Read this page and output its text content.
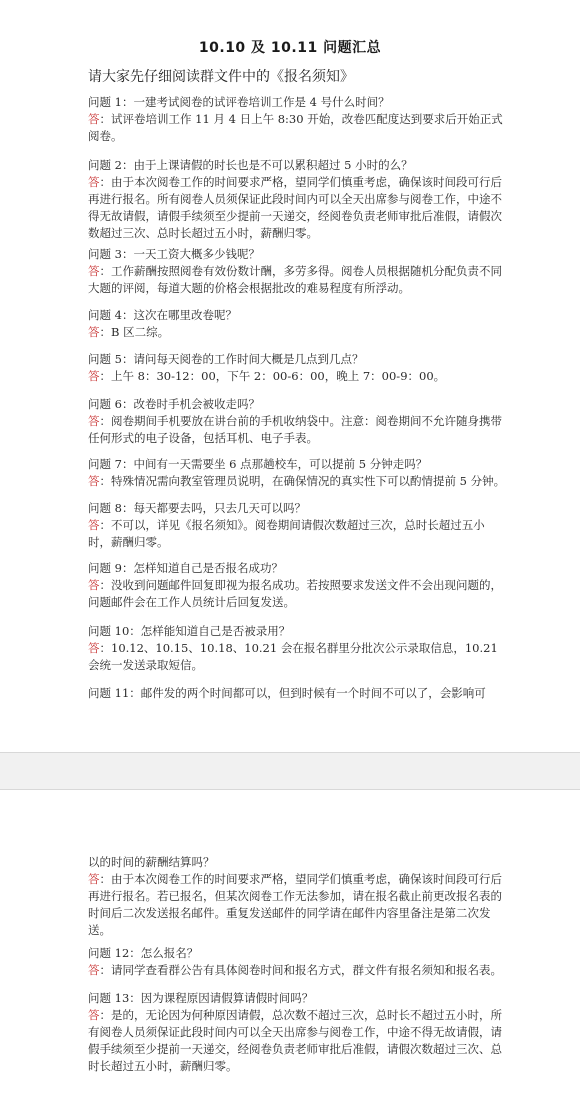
10.10 及 10.11 问题汇总
请大家先仔细阅读群文件中的《报名须知》
问题 1：一建考试阅卷的试评卷培训工作是 4 号什么时间？
答：试评卷培训工作 11 月 4 日上午 8:30 开始，改卷匹配度达到要求后开始正式阅卷。
问题 2：由于上课请假的时长也是不可以累积超过 5 小时的么？
答：由于本次阅卷工作的时间要求严格，望同学们慎重考虑，确保该时间段可行后再进行报名。所有阅卷人员须保证此段时间内可以全天出席参与阅卷工作，中途不得无故请假，请假手续须至少提前一天递交，经阅卷负责老师审批后准假，请假次数超过三次、总时长超过五小时，薪酬归零。
问题 3：一天工资大概多少钱呢？
答：工作薪酬按照阅卷有效份数计酬，多劳多得。阅卷人员根据随机分配负责不同大题的评阅，每道大题的价格会根据批改的难易程度有所浮动。
问题 4：这次在哪里改卷呢？
答：B 区二综。
问题 5：请问每天阅卷的工作时间大概是几点到几点？
答：上午 8：30-12：00，下午 2：00-6：00，晚上 7：00-9：00。
问题 6：改卷时手机会被收走吗？
答：阅卷期间手机要放在讲台前的手机收纳袋中。注意：阅卷期间不允许随身携带任何形式的电子设备，包括耳机、电子手表。
问题 7：中间有一天需要坐 6 点那趟校车，可以提前 5 分钟走吗？
答：特殊情况需向教室管理员说明，在确保情况的真实性下可以酌情提前 5 分钟。
问题 8：每天都要去吗，只去几天可以吗？
答：不可以，详见《报名须知》。阅卷期间请假次数超过三次，总时长超过五小时，薪酬归零。
问题 9：怎样知道自己是否报名成功？
答：没收到问题邮件回复即视为报名成功。若按照要求发送文件不会出现问题的，问题邮件会在工作人员统计后回复发送。
问题 10：怎样能知道自己是否被录用？
答：10.12、10.15、10.18、10.21 会在报名群里分批次公示录取信息，10.21 会统一发送录取短信。
问题 11：邮件发的两个时间都可以，但到时候有一个时间不可以了，会影响可
以的时间的薪酬结算吗？
答：由于本次阅卷工作的时间要求严格，望同学们慎重考虑，确保该时间段可行后再进行报名。若已报名，但某次阅卷工作无法参加，请在报名截止前更改报名表的时间后二次发送报名邮件。重复发送邮件的同学请在邮件内容里备注是第二次发送。
问题 12：怎么报名？
答：请同学查看群公告有具体阅卷时间和报名方式，群文件有报名须知和报名表。
问题 13：因为课程原因请假算请假时间吗？
答：是的，无论因为何种原因请假，总次数不超过三次，总时长不超过五小时，所有阅卷人员须保证此段时间内可以全天出席参与阅卷工作，中途不得无故请假，请假手续须至少提前一天递交，经阅卷负责老师审批后准假，请假次数超过三次、总时长超过五小时，薪酬归零。
